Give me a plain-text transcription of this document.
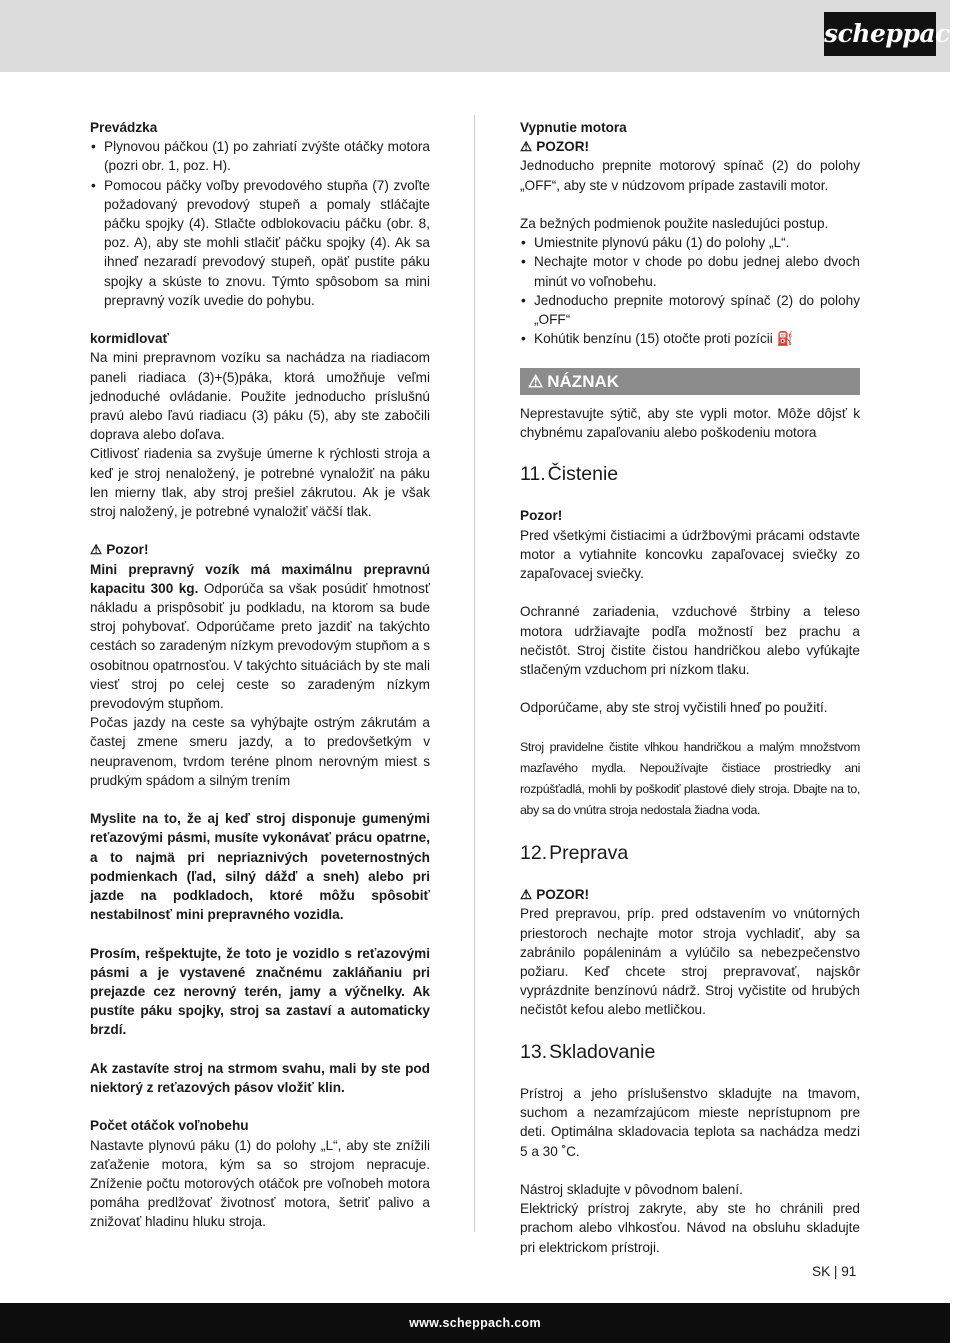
scheppach
Prevádzka
• Plynovou páčkou (1) po zahriatí zvýšte otáčky motora (pozri obr. 1, poz. H).
• Pomocou páčky voľby prevodového stupňa (7) zvoľte požadovaný prevodový stupeň a pomaly stláčajte páčku spojky (4). Stlačte odblokovaciu páčku (obr. 8, poz. A), aby ste mohli stlačiť páčku spojky (4). Ak sa ihneď nezaradí prevodový stupeň, opäť pustite páku spojky a skúste to znovu. Týmto spôsobom sa mini prepravný vozík uvedie do pohybu.
kormidlovať
Na mini prepravnom vozíku sa nachádza na riadiacom paneli riadiaca (3)+(5)páka, ktorá umožňuje veľmi jednoduché ovládanie. Použite jednoducho príslušnú pravú alebo ľavú riadiacu (3) páku (5), aby ste zabočili doprava alebo doľava.
Citlivosť riadenia sa zvyšuje úmerne k rýchlosti stroja a keď je stroj nenaložený, je potrebné vynaložiť na páku len mierny tlak, aby stroj prešiel zákrutou. Ak je však stroj naložený, je potrebné vynaložiť väčší tlak.
⚠ Pozor!
Mini prepravný vozík má maximálnu prepravnú kapacitu 300 kg. Odporúča sa však posúdiť hmotnosť nákladu a prispôsobiť ju podkladu, na ktorom sa bude stroj pohybovať. Odporúčame preto jazdiť na takýchto cestách so zaradeným nízkym prevodovým stupňom a s osobitnou opatrnosťou. V takýchto situáciách by ste mali viesť stroj po celej ceste so zaradeným nízkym prevodovým stupňom.
Počas jazdy na ceste sa vyhýbajte ostrým zákrutám a častej zmene smeru jazdy, a to predovšetkým v neupravenom, tvrdom teréne plnom nerovným miest s prudkým spádom a silným trením
Myslite na to, že aj keď stroj disponuje gumenými reťazovými pásmi, musíte vykonávať prácu opatrne, a to najmä pri nepriaznivých poveternostných podmienkach (ľad, silný dážď a sneh) alebo pri jazde na podkladoch, ktoré môžu spôsobiť nestabilnosť mini prepravného vozidla.
Prosím, rešpektujte, že toto je vozidlo s reťazovými pásmi a je vystavené značnému zakláňaniu pri prejazde cez nerovný terén, jamy a výčnelky. Ak pustíte páku spojky, stroj sa zastaví a automaticky brzdí.
Ak zastavíte stroj na strmom svahu, mali by ste pod niektorý z reťazových pásov vložiť klin.
Počet otáčok voľnobehu
Nastavte plynovú páku (1) do polohy „L“, aby ste znížili zaťaženie motora, kým sa so strojom nepracuje. Zníženie počtu motorových otáčok pre voľnobeh motora pomáha predlžovať životnosť motora, šetriť palivo a znižovať hladinu hluku stroja.
Vypnutie motora
⚠ POZOR!
Jednoducho prepnite motorový spínač (2) do polohy „OFF“, aby ste v núdzovom prípade zastavili motor.
Za bežných podmienok použite nasledujúci postup.
• Umiestnite plynovú páku (1) do polohy „L“.
• Nechajte motor v chode po dobu jednej alebo dvoch minút vo voľnobehu.
• Jednoducho prepnite motorový spínač (2) do polohy „OFF“
• Kohútik benzínu (15) otočte proti pozícii ⛽
⚠ NÁZNAK
Neprestavujte sýtič, aby ste vypli motor. Môže dôjsť k chybnému zapaľovaniu alebo poškodeniu motora
11. Čistenie
Pozor!
Pred všetkými čistiacimi a údržbovými prácami odstavte motor a vytiahnite koncovku zapaľovacej sviečky zo zapaľovacej sviečky.
Ochranné zariadenia, vzduchové štrbiny a teleso motora udržiavajte podľa možností bez prachu a nečistôt. Stroj čistite čistou handričkou alebo vyfúkajte stlačeným vzduchom pri nízkom tlaku.
Odporúčame, aby ste stroj vyčistili hneď po použití.
Stroj pravidelne čistite vlhkou handričkou a malým množstvom mazľavého mydla. Nepoužívajte čistiace prostriedky ani rozpúšťadlá, mohli by poškodiť plastové diely stroja. Dbajte na to, aby sa do vnútra stroja nedostala žiadna voda.
12. Preprava
⚠ POZOR!
Pred prepravou, príp. pred odstavením vo vnútorných priestoroch nechajte motor stroja vychladiť, aby sa zabránilo popáleninám a vylúčilo sa nebezpečenstvo požiaru. Keď chcete stroj prepravovať, najskôr vyprázdnite benzínovú nádrž. Stroj vyčistite od hrubých nečistôt kefou alebo metličkou.
13. Skladovanie
Prístroj a jeho príslušenstvo skladujte na tmavom, suchom a nezamŕzajúcom mieste neprístupnom pre deti. Optimálna skladovacia teplota sa nachádza medzi 5 a 30 ˚C.
Nástroj skladujte v pôvodnom balení.
Elektrický prístroj zakryte, aby ste ho chránili pred prachom alebo vlhkosťou. Návod na obsluhu skladujte pri elektrickom prístroji.
SK | 91
www.scheppach.com
